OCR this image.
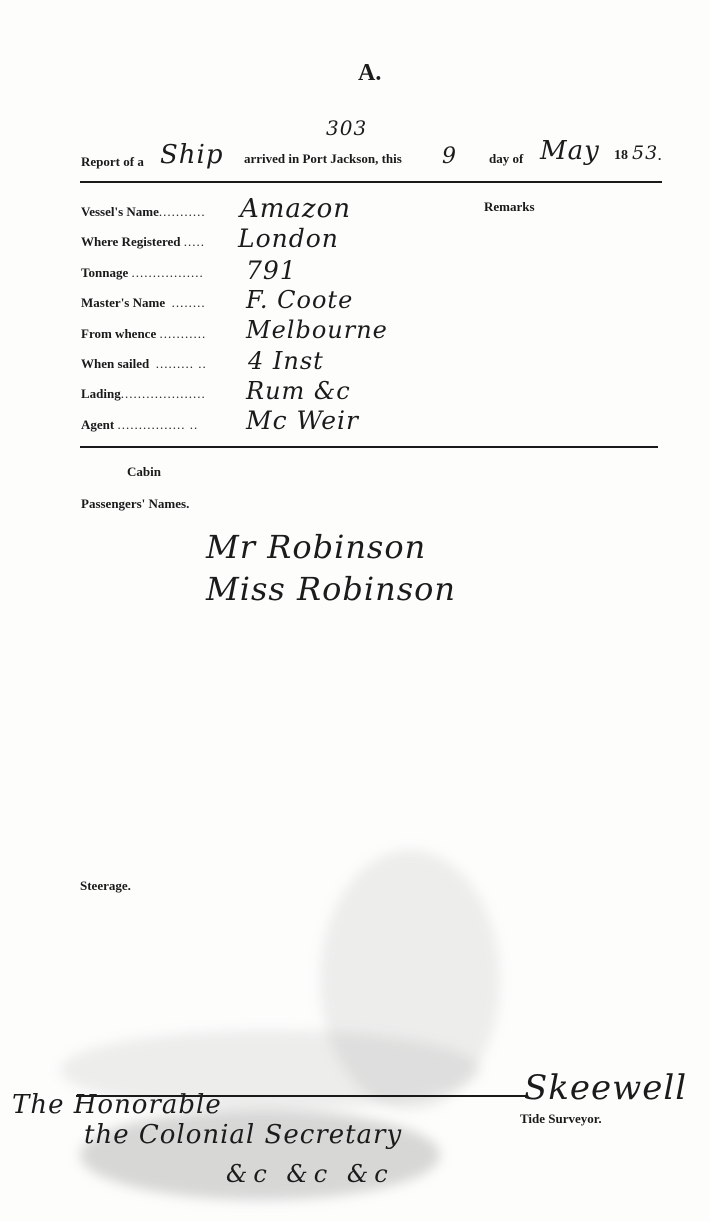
A.
303
Report of a Ship arrived in Port Jackson, this 9 day of May 18 53 .
Remarks
Vessel's Name........... Amazon
Where Registered ..... London
Tonnage ................. 791
Master's Name ........ F. Coote
From whence ........... Melbourne
When sailed ......... .. 4 Inst
Lading.................... Rum &c
Agent ................ .. Mc Weir
Cabin
Passengers' Names.
Mr Robinson
Miss Robinson
Steerage.
Skeewell
Tide Surveyor.
The Honorable
the Colonial Secretary
&c &c &c
